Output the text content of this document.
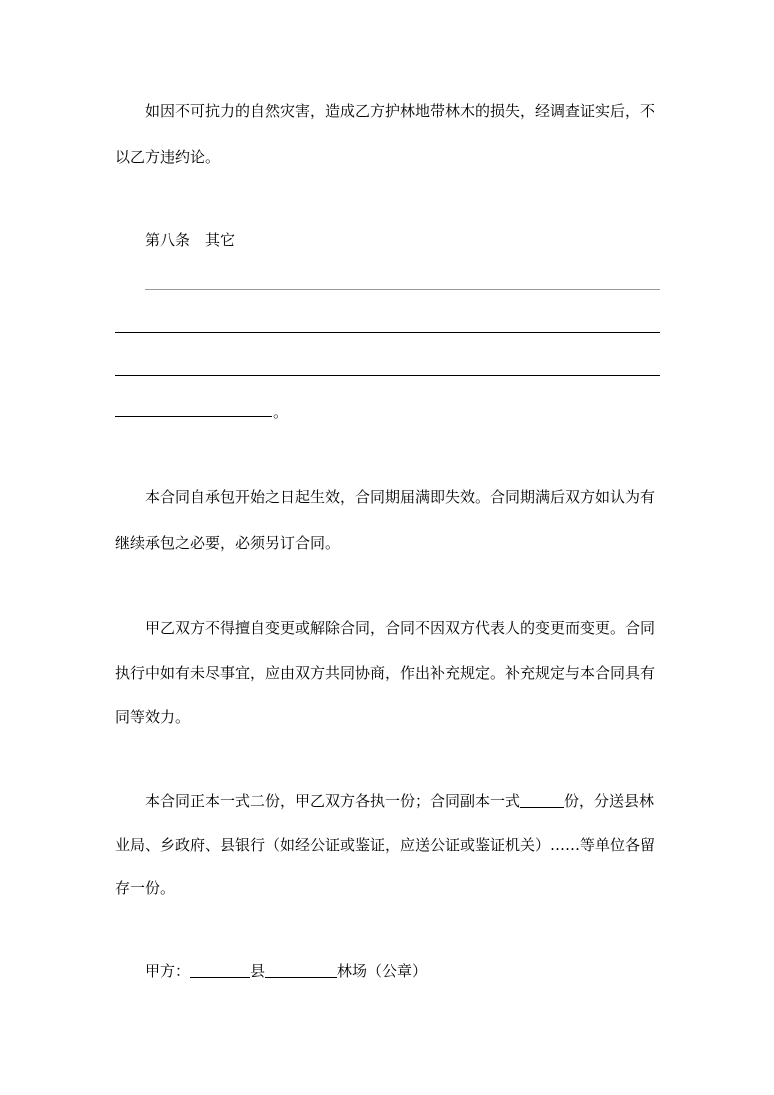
如因不可抗力的自然灾害，造成乙方护林地带林木的损失，经调查证实后，不
以乙方违约论。
第八条　其它
。
本合同自承包开始之日起生效，合同期届满即失效。合同期满后双方如认为有
继续承包之必要，必须另订合同。
甲乙双方不得擅自变更或解除合同，合同不因双方代表人的变更而变更。合同
执行中如有未尽事宜，应由双方共同协商，作出补充规定。补充规定与本合同具有
同等效力。
本合同正本一式二份，甲乙双方各执一份；合同副本一式	份，分送县林
业局、乡政府、县银行（如经公证或鉴证，应送公证或鉴证机关）……等单位各留
存一份。
甲方：	县	林场（公章）
